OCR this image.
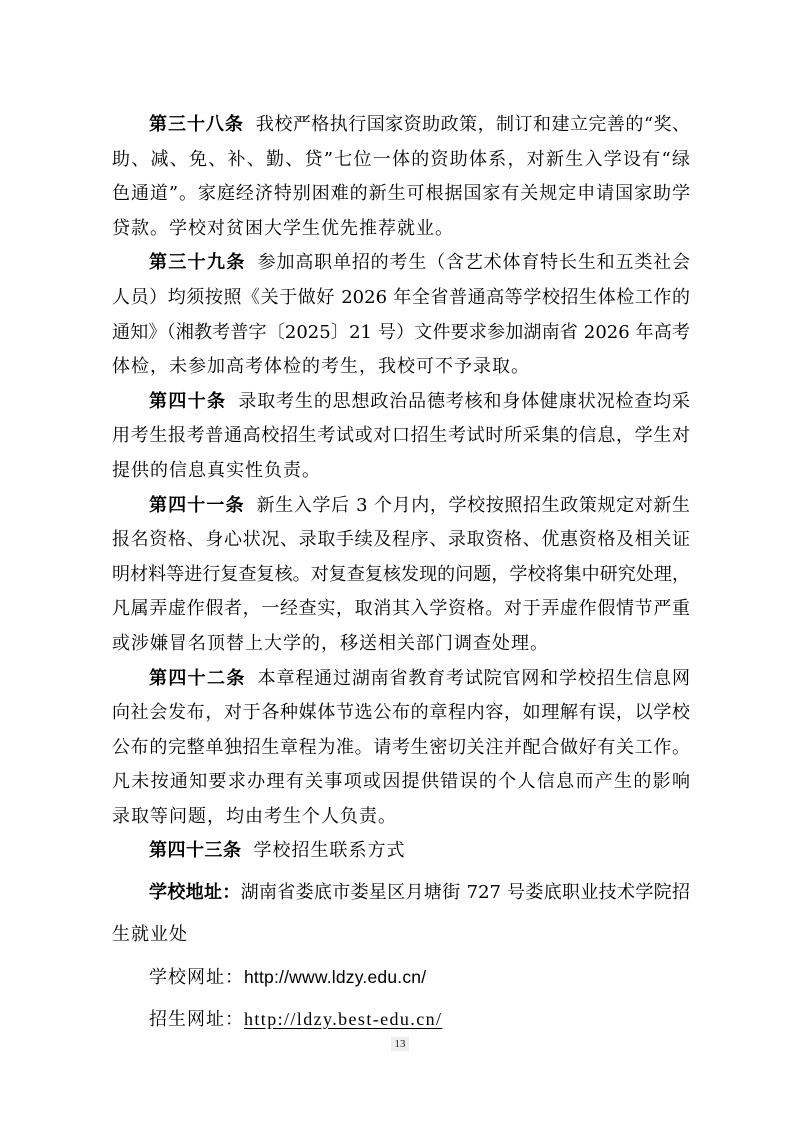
第三十八条 我校严格执行国家资助政策，制订和建立完善的“奖、
助、减、免、补、勤、贷”七位一体的资助体系，对新生入学设有“绿
色通道”。家庭经济特别困难的新生可根据国家有关规定申请国家助学
贷款。学校对贫困大学生优先推荐就业。
第三十九条 参加高职单招的考生（含艺术体育特长生和五类社会
人员）均须按照《关于做好 2026 年全省普通高等学校招生体检工作的
通知》（湘教考普字〔2025〕21 号）文件要求参加湖南省 2026 年高考
体检，未参加高考体检的考生，我校可不予录取。
第四十条 录取考生的思想政治品德考核和身体健康状况检查均采
用考生报考普通高校招生考试或对口招生考试时所采集的信息，学生对
提供的信息真实性负责。
第四十一条 新生入学后 3 个月内，学校按照招生政策规定对新生
报名资格、身心状况、录取手续及程序、录取资格、优惠资格及相关证
明材料等进行复查复核。对复查复核发现的问题，学校将集中研究处理，
凡属弄虚作假者，一经查实，取消其入学资格。对于弄虚作假情节严重
或涉嫌冒名顶替上大学的，移送相关部门调查处理。
第四十二条 本章程通过湖南省教育考试院官网和学校招生信息网
向社会发布，对于各种媒体节选公布的章程内容，如理解有误，以学校
公布的完整单独招生章程为准。请考生密切关注并配合做好有关工作。
凡未按通知要求办理有关事项或因提供错误的个人信息而产生的影响
录取等问题，均由考生个人负责。
第四十三条 学校招生联系方式
学校地址：湖南省娄底市娄星区月塘街 727 号娄底职业技术学院招
生就业处
学校网址：http://www.ldzy.edu.cn/
招生网址：http://ldzy.best-edu.cn/
13
